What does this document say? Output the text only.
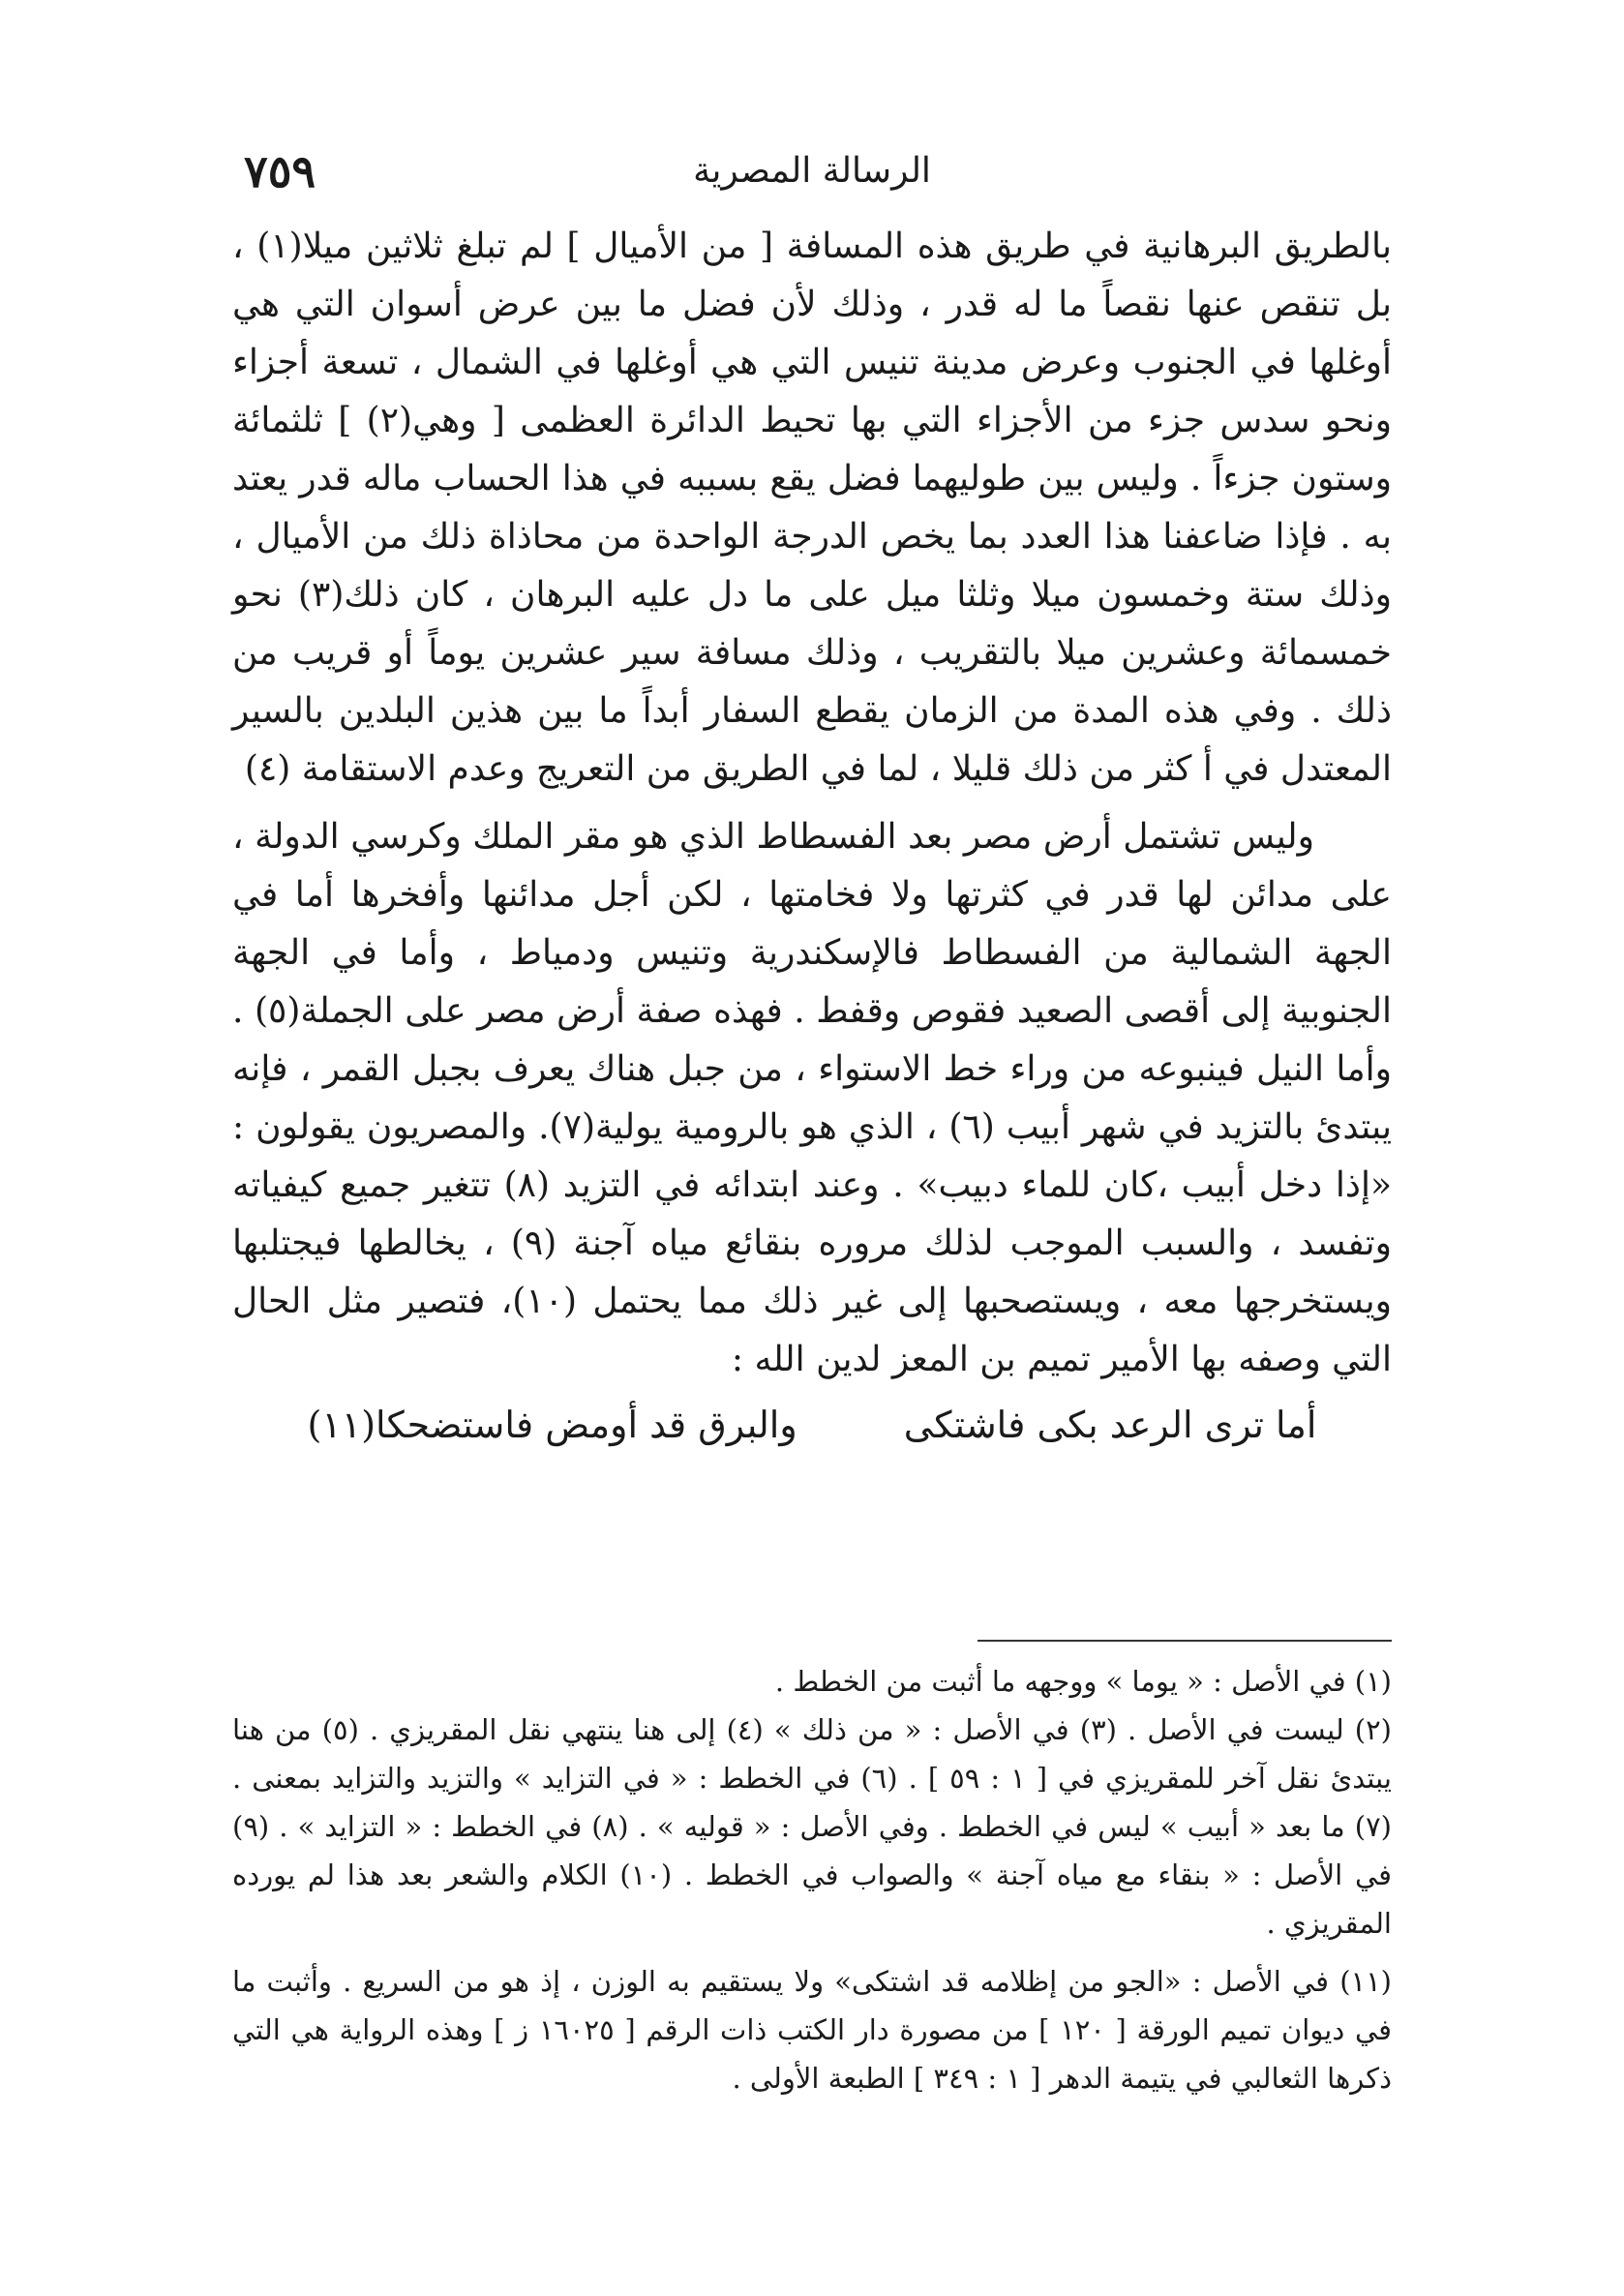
٧٥٩	الرسالة المصرية

بالطريق البرهانية في طريق هذه المسافة [ من الأميال ] لم تبلغ ثلاثين ميلا(١) ، بل تنقص عنها نقصاً ما له قدر ، وذلك لأن فضل ما بين عرض أسوان التي هي أوغلها في الجنوب وعرض مدينة تنيس التي هي أوغلها في الشمال ، تسعة أجزاء ونحو سدس جزء من الأجزاء التي بها تحيط الدائرة العظمى [ وهي(٢) ] ثلثمائة وستون جزءاً . وليس بين طوليهما فضل يقع بسببه في هذا الحساب ماله قدر يعتد به . فإذا ضاعفنا هذا العدد بما يخص الدرجة الواحدة من محاذاة ذلك من الأميال ، وذلك ستة وخمسون ميلا وثلثا ميل على ما دل عليه البرهان ، كان ذلك(٣) نحو خمسمائة وعشرين ميلا بالتقريب ، وذلك مسافة سير عشرين يوماً أو قريب من ذلك . وفي هذه المدة من الزمان يقطع السفار أبداً ما بين هذين البلدين بالسير المعتدل في أ كثر من ذلك قليلا ، لما في الطريق من التعريج وعدم الاستقامة (٤)

وليس تشتمل أرض مصر بعد الفسطاط الذي هو مقر الملك وكرسي الدولة ، على مدائن لها قدر في كثرتها ولا فخامتها ، لكن أجل مدائنها وأفخرها أما في الجهة الشمالية من الفسطاط فالإسكندرية وتنيس ودمياط ، وأما في الجهة الجنوبية إلى أقصى الصعيد فقوص وقفط . فهذه صفة أرض مصر على الجملة(٥) . وأما النيل فينبوعه من وراء خط الاستواء ، من جبل هناك يعرف بجبل القمر ، فإنه يبتدئ بالتزيد في شهر أبيب (٦) ، الذي هو بالرومية يولية(٧). والمصريون يقولون : «إذا دخل أبيب ،كان للماء دبيب» . وعند ابتدائه في التزيد (٨) تتغير جميع كيفياته وتفسد ، والسبب الموجب لذلك مروره بنقائع مياه آجنة (٩) ، يخالطها فيجتلبها ويستخرجها معه ، ويستصحبها إلى غير ذلك مما يحتمل (١٠)، فتصير مثل الحال التي وصفه بها الأمير تميم بن المعز لدين الله :

أما ترى الرعد بكى فاشتكى
والبرق قد أومض فاستضحكا(١١)

(١) في الأصل : « يوما » ووجهه ما أثبت من الخطط .

(٢) ليست في الأصل . (٣) في الأصل : « من ذلك » (٤) إلى هنا ينتهي نقل المقريزي . (٥) من هنا يبتدئ نقل آخر للمقريزي في [ ١ : ٥٩ ] . (٦) في الخطط : « في التزايد » والتزيد والتزايد بمعنى . (٧) ما بعد « أبيب » ليس في الخطط . وفي الأصل : « قوليه » . (٨) في الخطط : « التزايد » . (٩) في الأصل : « بنقاء مع مياه آجنة » والصواب في الخطط . (١٠) الكلام والشعر بعد هذا لم يورده المقريزي .

(١١) في الأصل : «الجو من إظلامه قد اشتكى» ولا يستقيم به الوزن ، إذ هو من السريع . وأثبت ما في ديوان تميم الورقة [ ١٢٠ ] من مصورة دار الكتب ذات الرقم [ ١٦٠٢٥ ز ] وهذه الرواية هي التي ذكرها الثعالبي في يتيمة الدهر [ ١ : ٣٤٩ ] الطبعة الأولى .
